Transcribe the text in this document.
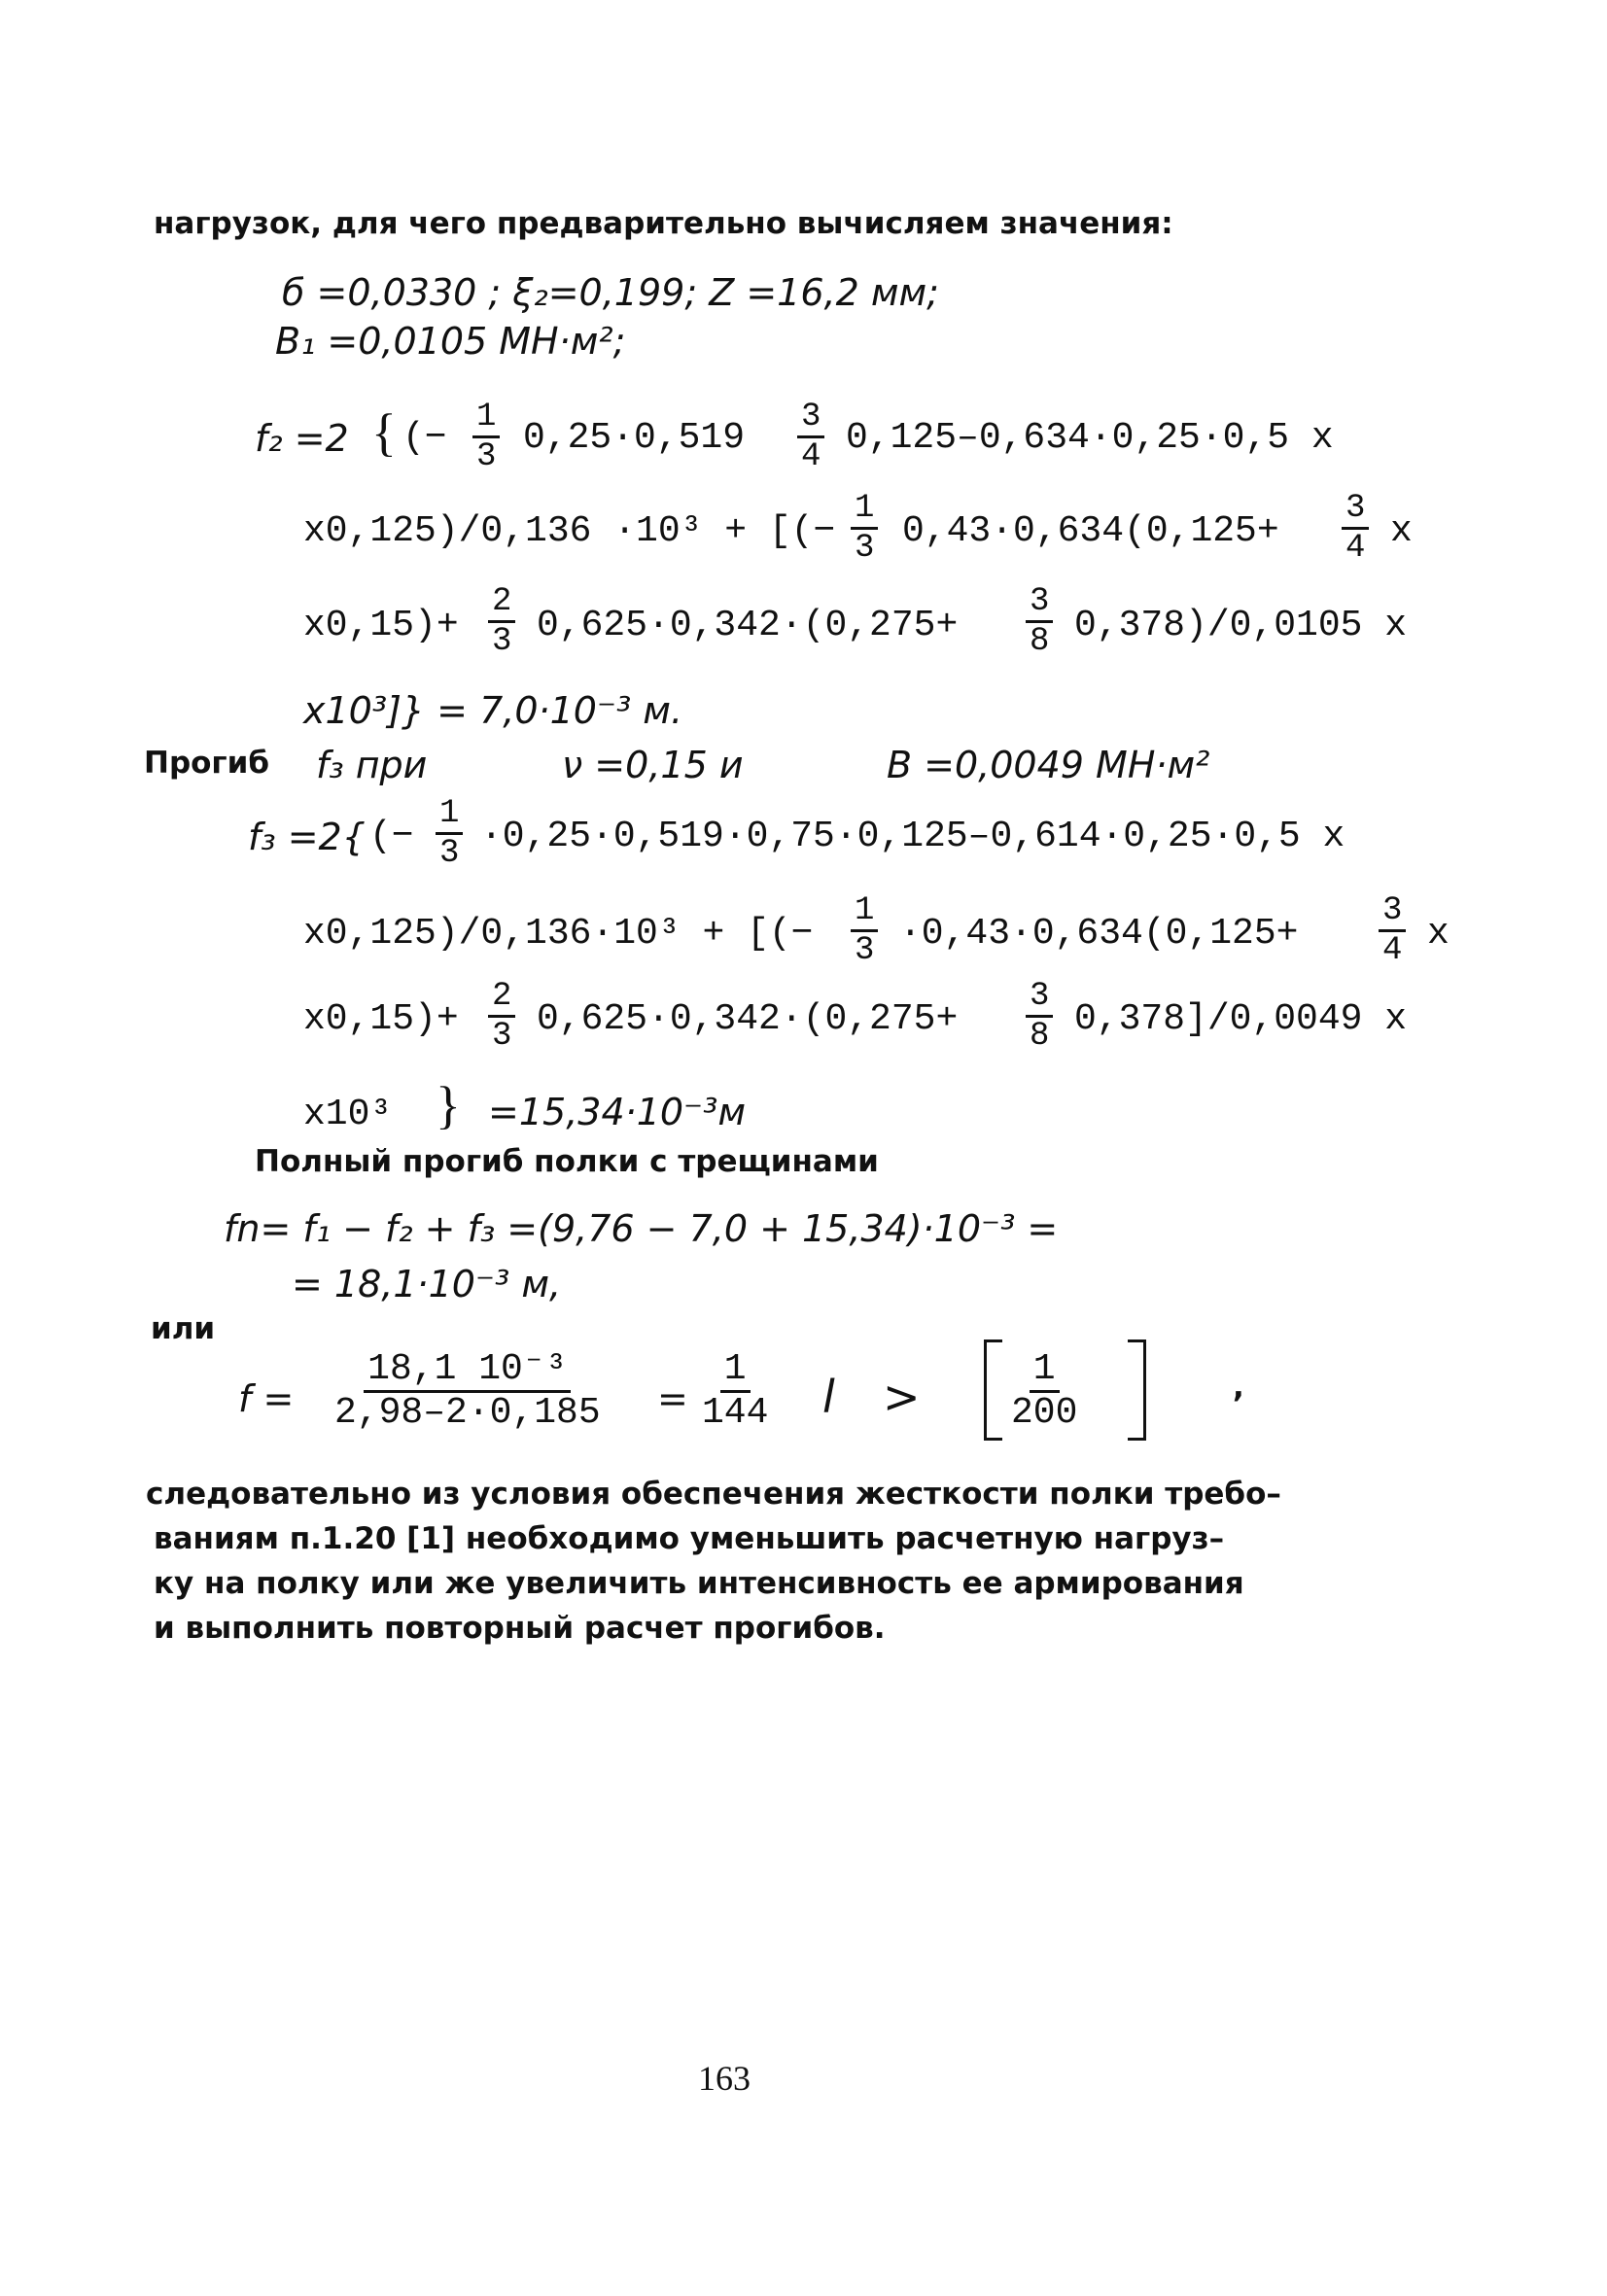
нагрузок, для чего предварительно вычисляем значения:
б =0,0330 ; ξ₂=0,199; Z =16,2 мм;
B₁ =0,0105 МН·м²;
f₂ =2 { (− $\frac{1}{3} 0,25\cdot 0,519 \frac{3}{4} 0,125-0,634\cdot 0,25\cdot 0,5$ x
x0,125)/0,136 ·10³ + [(− $\frac{1}{3} 0,43\cdot 0,634(0,125+ \frac{3}{4}$ x
$x0,15)+ \frac{2}{3} 0,625\cdot 0,342\cdot(0,275+ \frac{3}{8} 0,378)/0,0105$ x
x10³]} = 7,0·10⁻³ м.
Прогиб f₃ при	ν =0,15 и	B =0,0049 МН·м²
f₃ =2{ (− $\frac{1}{3} \cdot 0,25\cdot 0,519\cdot 0,75\cdot 0,125-0,614\cdot 0,25\cdot 0,5$ x
x0,125)/0,136·10³ + [(− $\frac{1}{3} \cdot 0,43\cdot 0,634(0,125+ \frac{3}{4}$ x
$x0,15)+ \frac{2}{3} 0,625\cdot 0,342\cdot(0,275+ \frac{3}{8} 0,378]/0,0049$ x
x10³ } =15,34·10⁻³м
Полный прогиб полки с трещинами
fn= f₁ − f₂ + f₃ =(9,76 − 7,0 + 15,34)·10⁻³ =
= 18,1·10⁻³ м,
или
$f = \frac{\text{18,1 10⁻³}}{2,98-2\cdot 0,185} = \frac{1}{144}$ $l > \frac{1}{200}$	,
следовательно из условия обеспечения жесткости полки требо–
ваниям п.1.20 [1] необходимо уменьшить расчетную нагруз–
ку на полку или же увеличить интенсивность ее армирования
и выполнить повторный расчет прогибов.
163
